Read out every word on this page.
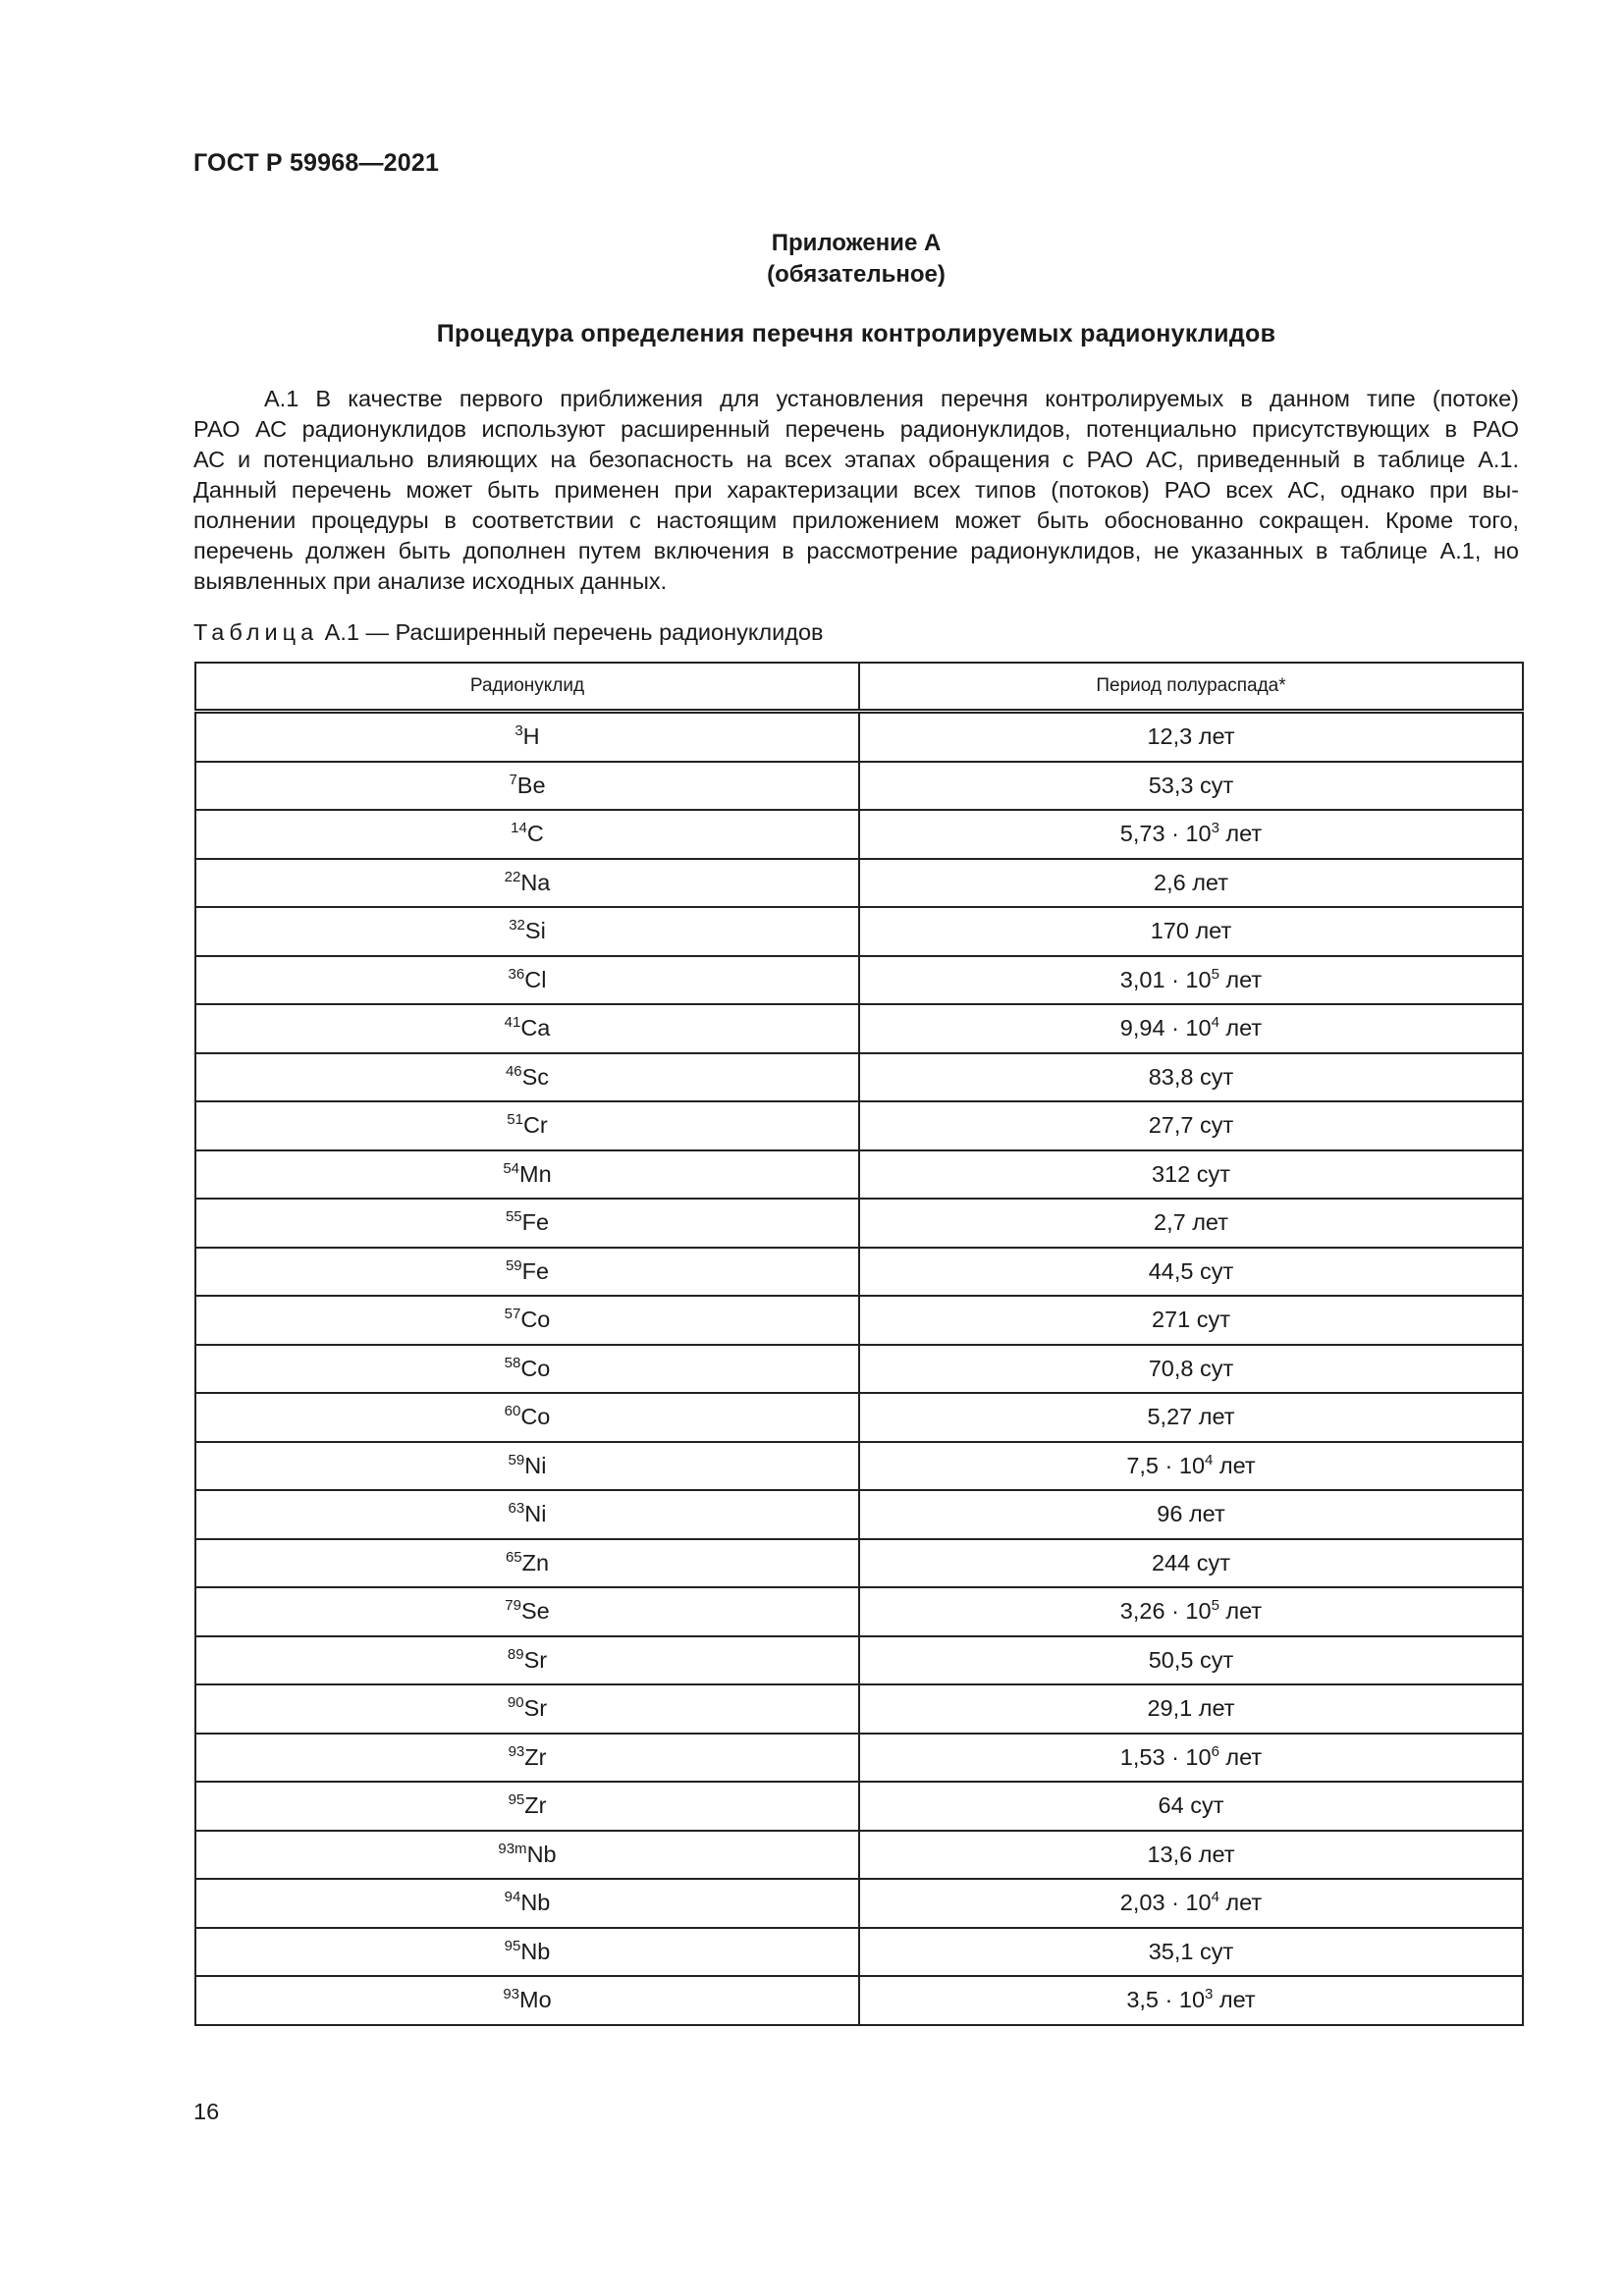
ГОСТ Р 59968—2021
Приложение А
(обязательное)
Процедура определения перечня контролируемых радионуклидов
А.1 В качестве первого приближения для установления перечня контролируемых в данном типе (потоке)
РАО АС радионуклидов используют расширенный перечень радионуклидов, потенциально присутствующих в РАО
АС и потенциально влияющих на безопасность на всех этапах обращения с РАО АС, приведенный в таблице А.1.
Данный перечень может быть применен при характеризации всех типов (потоков) РАО всех АС, однако при вы-
полнении процедуры в соответствии с настоящим приложением может быть обоснованно сокращен. Кроме того,
перечень должен быть дополнен путем включения в рассмотрение радионуклидов, не указанных в таблице А.1, но
выявленных при анализе исходных данных.
Таблица А.1 — Расширенный перечень радионуклидов
Радионуклид	Период полураспада*
$^3$H	12,3 лет
$^7$Be	53,3 сут
$^{14}$C	$5,73 \cdot 10^3$ лет
$^{22}$Na	2,6 лет
$^{32}$Si	170 лет
$^{36}$Cl	$3,01 \cdot 10^5$ лет
$^{41}$Ca	$9,94 \cdot 10^4$ лет
$^{46}$Sc	83,8 сут
$^{51}$Cr	27,7 сут
$^{54}$Mn	312 сут
$^{55}$Fe	2,7 лет
$^{59}$Fe	44,5 сут
$^{57}$Co	271 сут
$^{58}$Co	70,8 сут
$^{60}$Co	5,27 лет
$^{59}$Ni	$7,5 \cdot 10^4$ лет
$^{63}$Ni	96 лет
$^{65}$Zn	244 сут
$^{79}$Se	$3,26 \cdot 10^5$ лет
$^{89}$Sr	50,5 сут
$^{90}$Sr	29,1 лет
$^{93}$Zr	$1,53 \cdot 10^6$ лет
$^{95}$Zr	64 сут
$^{93m}$Nb	13,6 лет
$^{94}$Nb	$2,03 \cdot 10^4$ лет
$^{95}$Nb	35,1 сут
$^{93}$Mo	$3,5 \cdot 10^3$ лет
16
